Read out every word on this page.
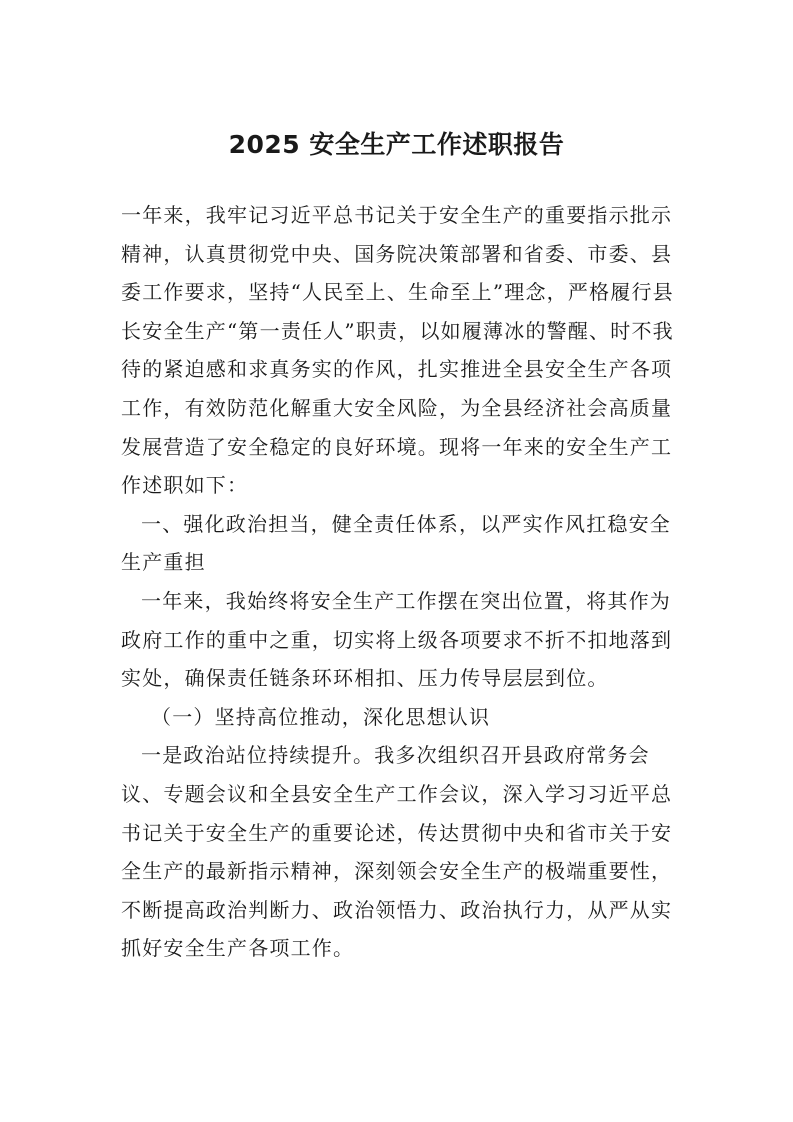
2025 安全生产工作述职报告

一年来，我牢记习近平总书记关于安全生产的重要指示批示精神，认真贯彻党中央、国务院决策部署和省委、市委、县委工作要求，坚持“人民至上、生命至上”理念，严格履行县长安全生产“第一责任人”职责，以如履薄冰的警醒、时不我待的紧迫感和求真务实的作风，扎实推进全县安全生产各项工作，有效防范化解重大安全风险，为全县经济社会高质量发展营造了安全稳定的良好环境。现将一年来的安全生产工作述职如下：

一、强化政治担当，健全责任体系，以严实作风扛稳安全生产重担

一年来，我始终将安全生产工作摆在突出位置，将其作为政府工作的重中之重，切实将上级各项要求不折不扣地落到实处，确保责任链条环环相扣、压力传导层层到位。

（一）坚持高位推动，深化思想认识

一是政治站位持续提升。我多次组织召开县政府常务会议、专题会议和全县安全生产工作会议，深入学习习近平总书记关于安全生产的重要论述，传达贯彻中央和省市关于安全生产的最新指示精神，深刻领会安全生产的极端重要性，不断提高政治判断力、政治领悟力、政治执行力，从严从实抓好安全生产各项工作。
